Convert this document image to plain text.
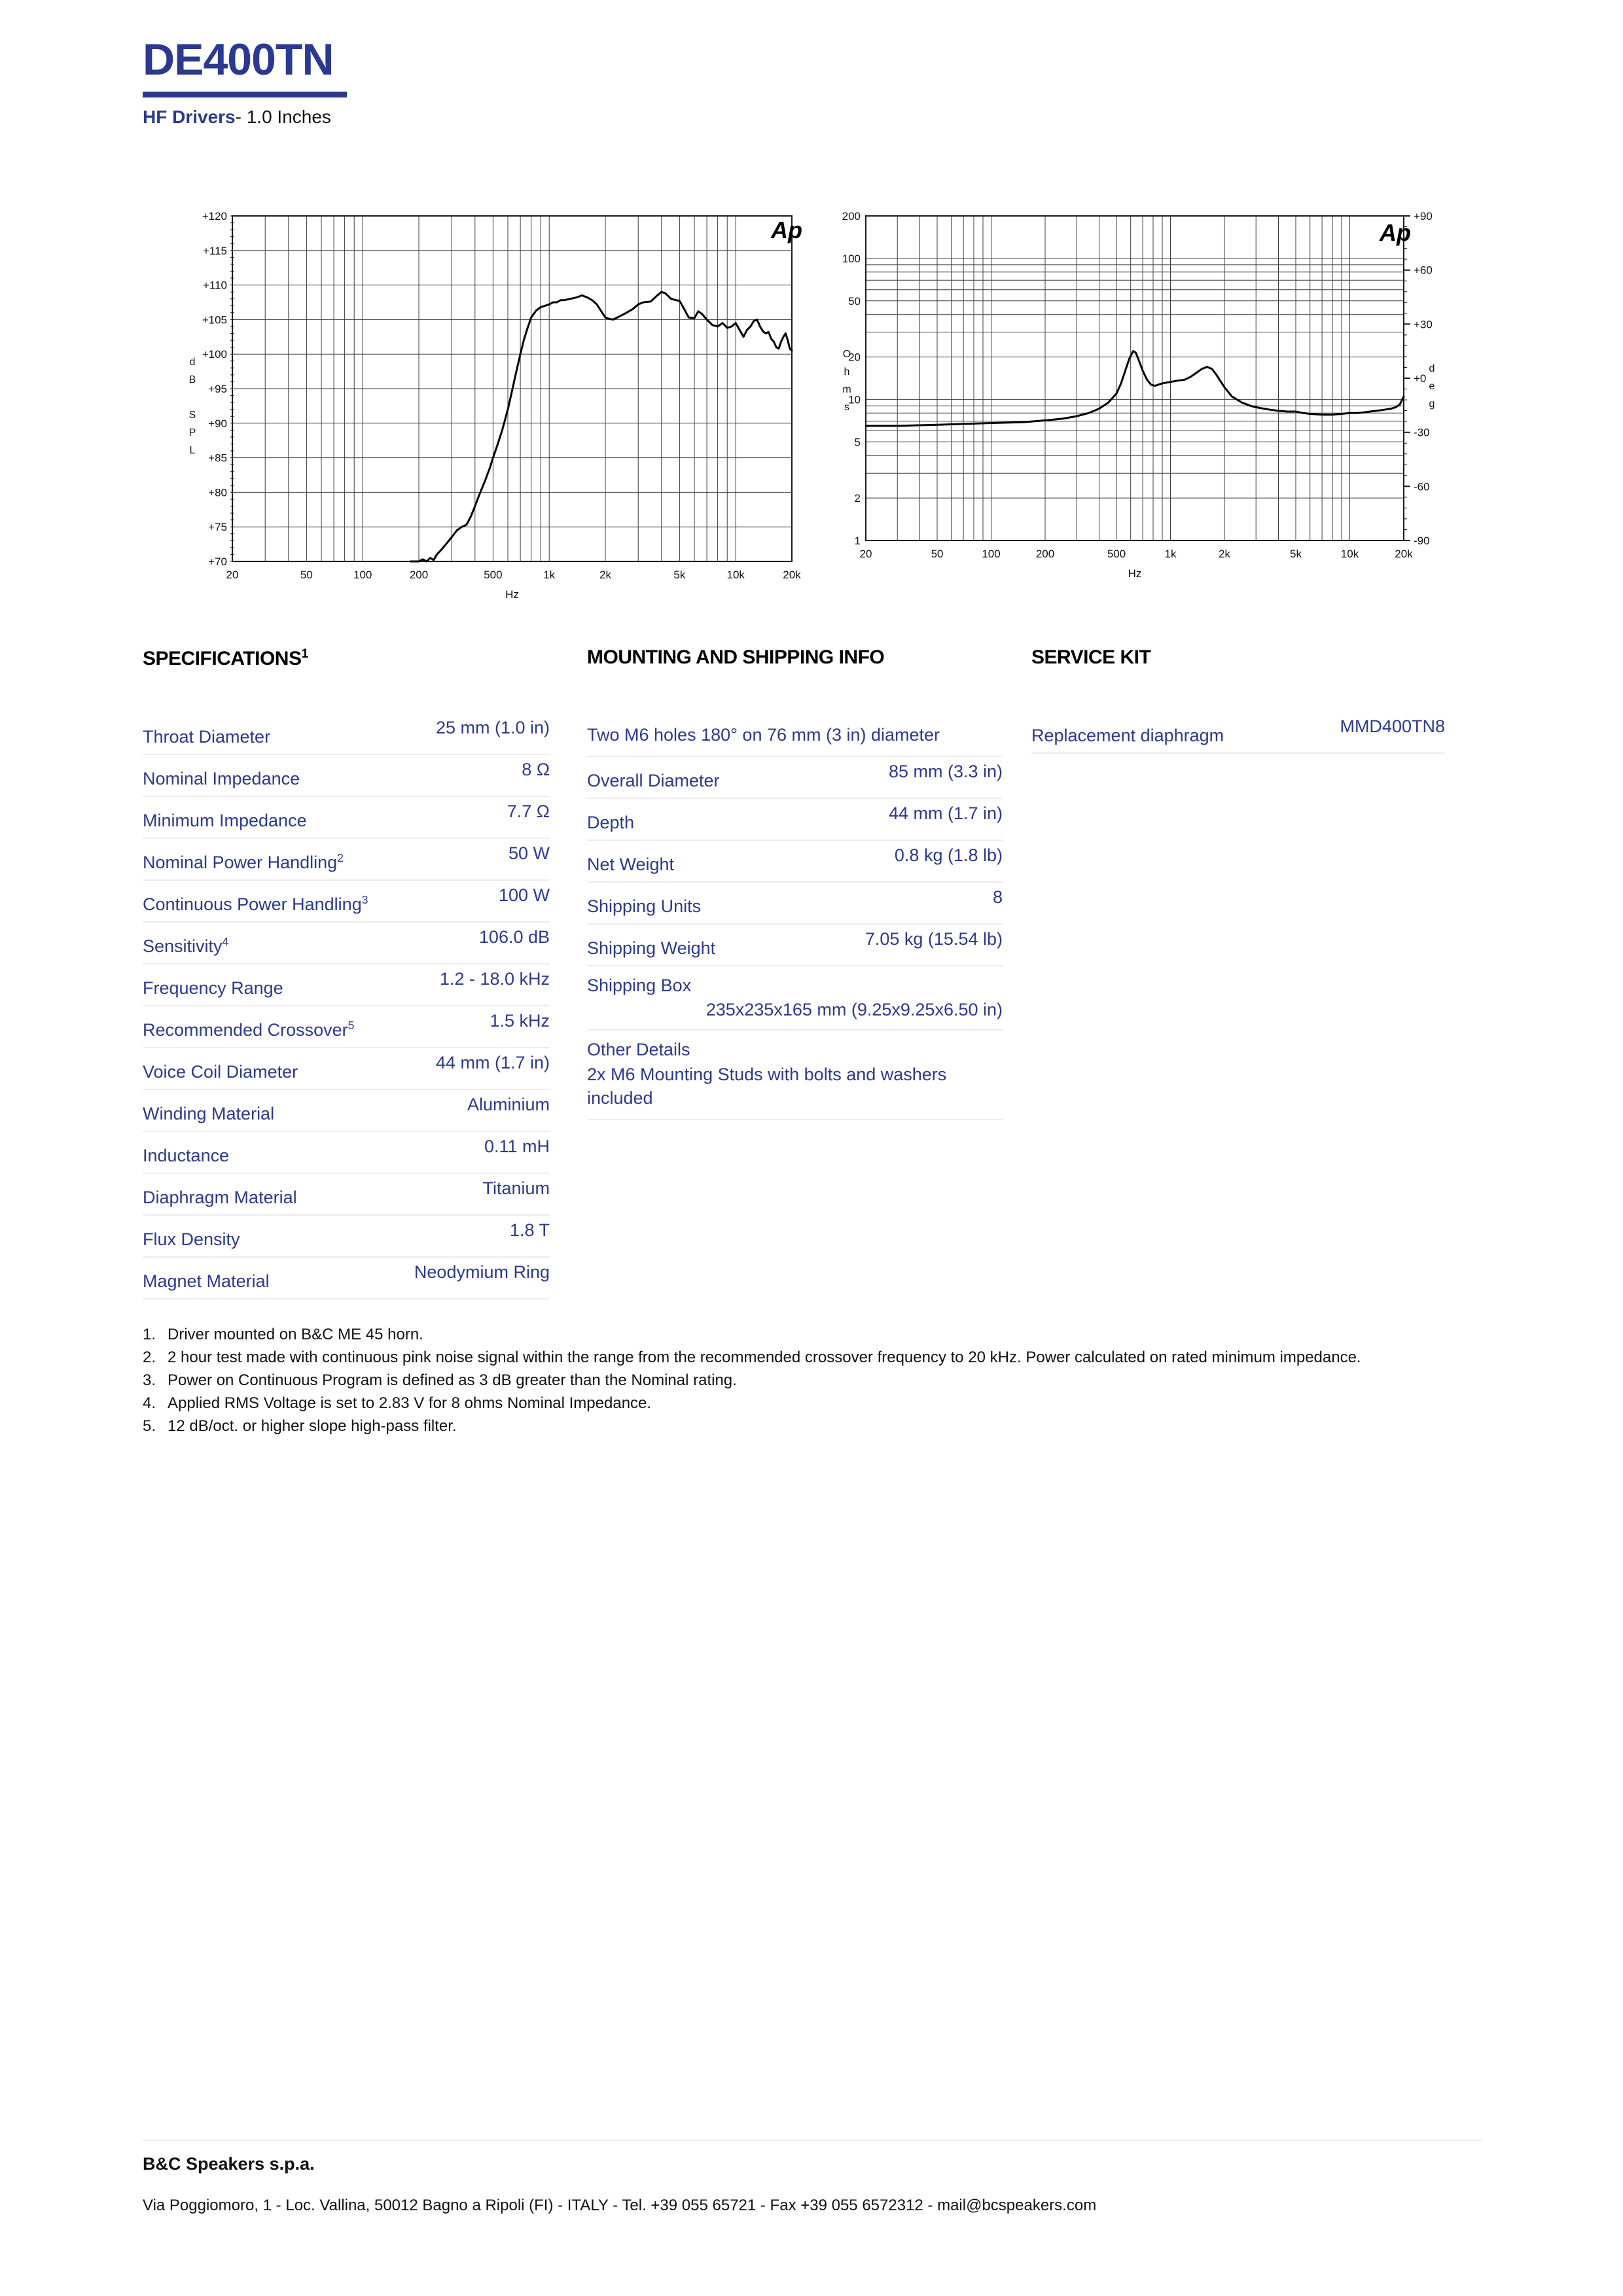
DE400TN
HF Drivers- 1.0 Inches
20	50	100	200	500	1k	2k	5k	10k	20k
Hz
+70
+75
+80
+85
+90
+95
+100
+105
+110
+115
+120
d
B
S
P
L
Ap
20	50	100	200	500	1k	2k	5k	10k	20k
Hz
200
100
50
20
10
5
2
1
O
h
m
s
+90
+60
+30
+0
-30
-60
-90
d
e
g
Ap
SPECIFICATIONS$^1$
Throat Diameter	25 mm (1.0 in)
Nominal Impedance	8 Ω
Minimum Impedance	7.7 Ω
Nominal Power Handling$^2$	50 W
Continuous Power Handling$^3$	100 W
Sensitivity$^4$	106.0 dB
Frequency Range	1.2 - 18.0 kHz
Recommended Crossover$^5$	1.5 kHz
Voice Coil Diameter	44 mm (1.7 in)
Winding Material	Aluminium
Inductance	0.11 mH
Diaphragm Material	Titanium
Flux Density	1.8 T
Magnet Material	Neodymium Ring
MOUNTING AND SHIPPING INFO
Two M6 holes 180° on 76 mm (3 in) diameter
Overall Diameter	85 mm (3.3 in)
Depth	44 mm (1.7 in)
Net Weight	0.8 kg (1.8 lb)
Shipping Units	8
Shipping Weight	7.05 kg (15.54 lb)
Shipping Box
235x235x165 mm (9.25x9.25x6.50 in)
Other Details
2x M6 Mounting Studs with bolts and washers included
SERVICE KIT
Replacement diaphragm	MMD400TN8
1. Driver mounted on B&C ME 45 horn.
2. 2 hour test made with continuous pink noise signal within the range from the recommended crossover frequency to 20 kHz. Power calculated on rated minimum impedance.
3. Power on Continuous Program is defined as 3 dB greater than the Nominal rating.
4. Applied RMS Voltage is set to 2.83 V for 8 ohms Nominal Impedance.
5. 12 dB/oct. or higher slope high-pass filter.
B&C Speakers s.p.a.
Via Poggiomoro, 1 - Loc. Vallina, 50012 Bagno a Ripoli (FI) - ITALY - Tel. +39 055 65721 - Fax +39 055 6572312 - mail@bcspeakers.com
